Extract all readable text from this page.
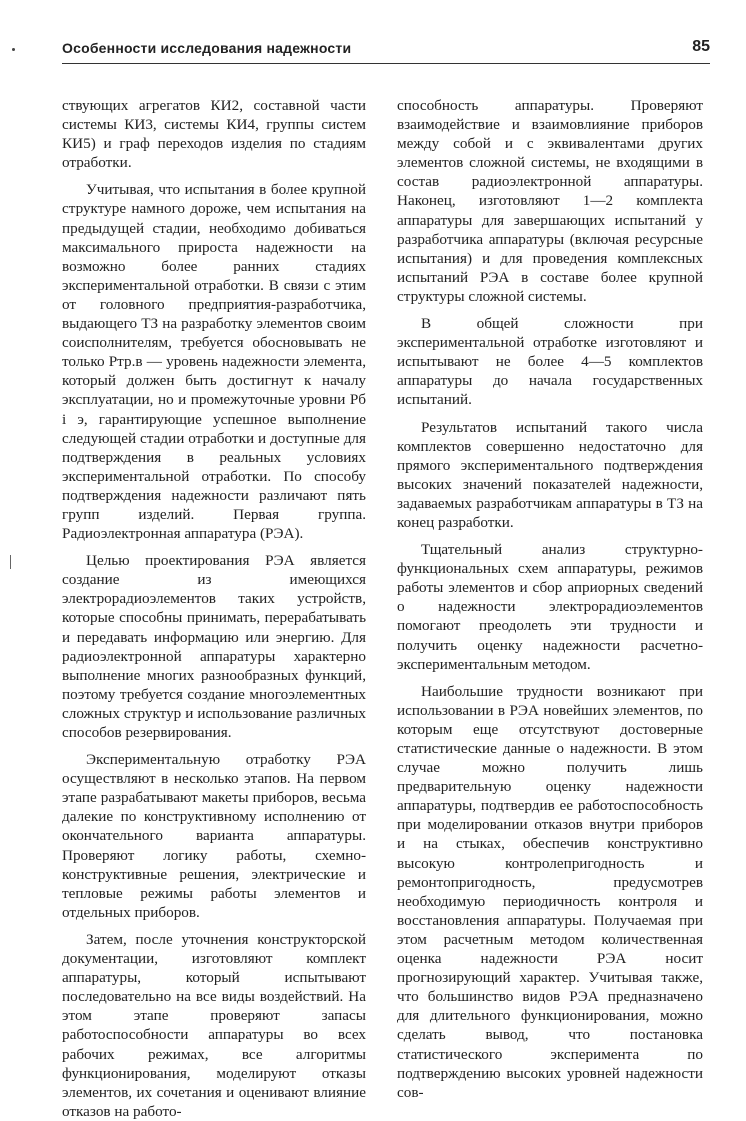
Особенности исследования надежности	85

ствующих агрегатов КИ2, составной части системы КИ3, системы КИ4, группы систем КИ5) и граф переходов изделия по стадиям отработки.

Учитывая, что испытания в более крупной структуре намного дороже, чем испытания на предыдущей стадии, необходимо добиваться максимального прироста надежности на возможно более ранних стадиях экспериментальной отработки. В связи с этим от головного предприятия-разработчика, выдающего ТЗ на разработку элементов своим соисполнителям, требуется обосновывать не только Pтр.в — уровень надежности элемента, который должен быть достигнут к началу эксплуатации, но и промежуточные уровни Pб i э, гарантирующие успешное выполнение следующей стадии отработки и доступные для подтверждения в реальных условиях экспериментальной отработки. По способу подтверждения надежности различают пять групп изделий. Первая группа. Радиоэлектронная аппаратура (РЭА).

Целью проектирования РЭА является создание из имеющихся электрорадиоэлементов таких устройств, которые способны принимать, перерабатывать и передавать информацию или энергию. Для радиоэлектронной аппаратуры характерно выполнение многих разнообразных функций, поэтому требуется создание многоэлементных сложных структур и использование различных способов резервирования.

Экспериментальную отработку РЭА осуществляют в несколько этапов. На первом этапе разрабатывают макеты приборов, весьма далекие по конструктивному исполнению от окончательного варианта аппаратуры. Проверяют логику работы, схемно-конструктивные решения, электрические и тепловые режимы работы элементов и отдельных приборов.

Затем, после уточнения конструкторской документации, изготовляют комплект аппаратуры, который испытывают последовательно на все виды воздействий. На этом этапе проверяют запасы работоспособности аппаратуры во всех рабочих режимах, все алгоритмы функционирования, моделируют отказы элементов, их сочетания и оценивают влияние отказов на работо-

способность аппаратуры. Проверяют взаимодействие и взаимовлияние приборов между собой и с эквивалентами других элементов сложной системы, не входящими в состав радиоэлектронной аппаратуры. Наконец, изготовляют 1—2 комплекта аппаратуры для завершающих испытаний у разработчика аппаратуры (включая ресурсные испытания) и для проведения комплексных испытаний РЭА в составе более крупной структуры сложной системы.

В общей сложности при экспериментальной отработке изготовляют и испытывают не более 4—5 комплектов аппаратуры до начала государственных испытаний.

Результатов испытаний такого числа комплектов совершенно недостаточно для прямого экспериментального подтверждения высоких значений показателей надежности, задаваемых разработчикам аппаратуры в ТЗ на конец разработки.

Тщательный анализ структурно-функциональных схем аппаратуры, режимов работы элементов и сбор априорных сведений о надежности электрорадиоэлементов помогают преодолеть эти трудности и получить оценку надежности расчетно-экспериментальным методом.

Наибольшие трудности возникают при использовании в РЭА новейших элементов, по которым еще отсутствуют достоверные статистические данные о надежности. В этом случае можно получить лишь предварительную оценку надежности аппаратуры, подтвердив ее работоспособность при моделировании отказов внутри приборов и на стыках, обеспечив конструктивно высокую контролепригодность и ремонтопригодность, предусмотрев необходимую периодичность контроля и восстановления аппаратуры. Получаемая при этом расчетным методом количественная оценка надежности РЭА носит прогнозирующий характер. Учитывая также, что большинство видов РЭА предназначено для длительного функционирования, можно сделать вывод, что постановка статистического эксперимента по подтверждению высоких уровней надежности сов-
